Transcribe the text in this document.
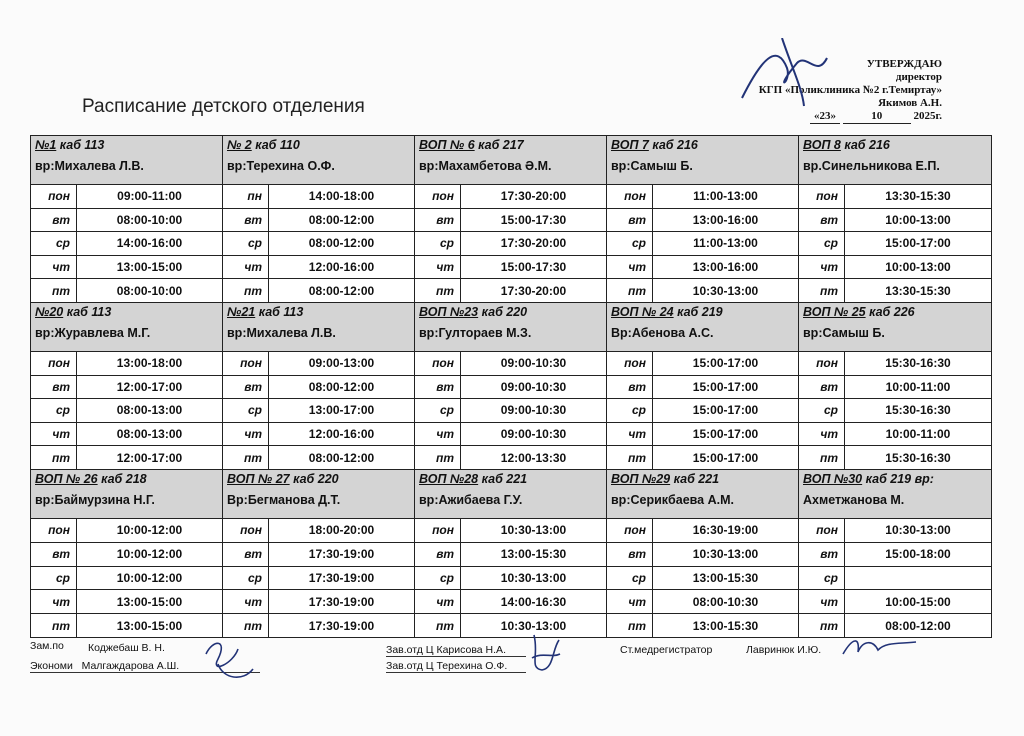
УТВЕРЖДАЮ
директор
КГП «Поликлиника №2 г.Темиртау»
Якимов А.Н.
«23»	10	2025г.
Расписание детского отделения
№1 каб 113
вр:Михалева Л.В.
пон	09:00-11:00
вт	08:00-10:00
ср	14:00-16:00
чт	13:00-15:00
пт	08:00-10:00
№ 2 каб 110
вр:Терехина О.Ф.
пн	14:00-18:00
вт	08:00-12:00
ср	08:00-12:00
чт	12:00-16:00
пт	08:00-12:00
ВОП № 6 каб 217
вр:Махамбетова Ә.М.
пон	17:30-20:00
вт	15:00-17:30
ср	17:30-20:00
чт	15:00-17:30
пт	17:30-20:00
ВОП 7 каб 216
вр:Самыш Б.
пон	11:00-13:00
вт	13:00-16:00
ср	11:00-13:00
чт	13:00-16:00
пт	10:30-13:00
ВОП 8 каб 216
вр.Синельникова Е.П.
пон	13:30-15:30
вт	10:00-13:00
ср	15:00-17:00
чт	10:00-13:00
пт	13:30-15:30
№20 каб 113
вр:Журавлева М.Г.
пон	13:00-18:00
вт	12:00-17:00
ср	08:00-13:00
чт	08:00-13:00
пт	12:00-17:00
№21 каб 113
вр:Михалева Л.В.
пон	09:00-13:00
вт	08:00-12:00
ср	13:00-17:00
чт	12:00-16:00
пт	08:00-12:00
ВОП №23 каб 220
вр:Гултораев М.З.
пон	09:00-10:30
вт	09:00-10:30
ср	09:00-10:30
чт	09:00-10:30
пт	12:00-13:30
ВОП № 24 каб 219
Вр:Абенова А.С.
пон	15:00-17:00
вт	15:00-17:00
ср	15:00-17:00
чт	15:00-17:00
пт	15:00-17:00
ВОП № 25 каб 226
вр:Самыш Б.
пон	15:30-16:30
вт	10:00-11:00
ср	15:30-16:30
чт	10:00-11:00
пт	15:30-16:30
ВОП № 26 каб 218
вр:Баймурзина Н.Г.
пон	10:00-12:00
вт	10:00-12:00
ср	10:00-12:00
чт	13:00-15:00
пт	13:00-15:00
ВОП № 27 каб 220
Вр:Бегманова Д.Т.
пон	18:00-20:00
вт	17:30-19:00
ср	17:30-19:00
чт	17:30-19:00
пт	17:30-19:00
ВОП №28 каб 221
вр:Ажибаева Г.У.
пон	10:30-13:00
вт	13:00-15:30
ср	10:30-13:00
чт	14:00-16:30
пт	10:30-13:00
ВОП №29 каб 221
вр:Серикбаева А.М.
пон	16:30-19:00
вт	10:30-13:00
ср	13:00-15:30
чт	08:00-10:30
пт	13:00-15:30
ВОП №30 каб 219 вр:
Ахметжанова М.
пон	10:30-13:00
вт	15:00-18:00
ср
чт	10:00-15:00
пт	08:00-12:00
Зам.по Коджебаш В. Н.
Экономи Малгаждарова А.Ш.
Зав.отд Ц Карисова Н.А.
Зав.отд Ц Терехина О.Ф.
Ст.медрегистратор	Лавринюк И.Ю.
